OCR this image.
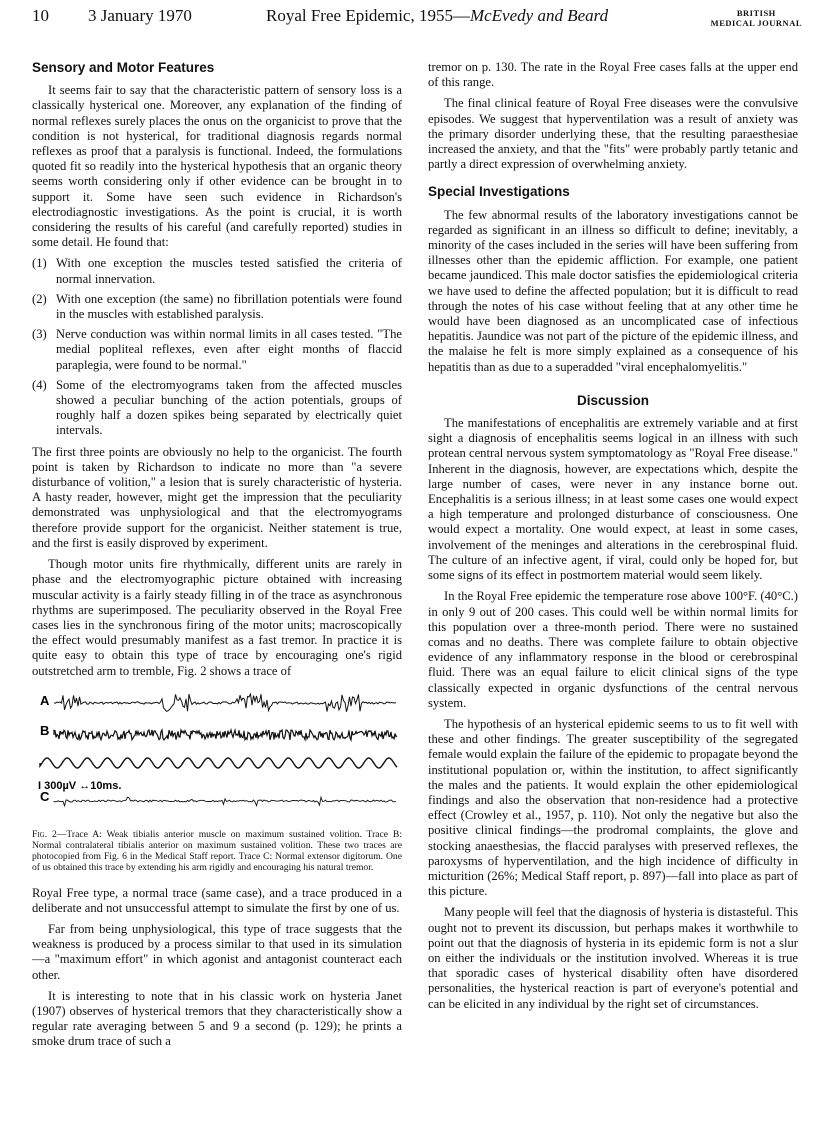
10 3 January 1970	Royal Free Epidemic, 1955—McEvedy and Beard	BRITISH
MEDICAL JOURNAL
Sensory and Motor Features

It seems fair to say that the characteristic pattern of sensory loss is a classically hysterical one. Moreover, any explanation of the finding of normal reflexes surely places the onus on the organicist to prove that the condition is not hysterical, for traditional diagnosis regards normal reflexes as proof that a paralysis is functional. Indeed, the formulations quoted fit so readily into the hysterical hypothesis that an organic theory seems worth considering only if other evidence can be brought in to support it. Some have seen such evidence in Richardson's electrodiagnostic investigations. As the point is crucial, it is worth considering the results of his careful (and carefully reported) studies in some detail. He found that:

(1) With one exception the muscles tested satisfied the criteria of normal innervation.
(2) With one exception (the same) no fibrillation potentials were found in the muscles with established paralysis.
(3) Nerve conduction was within normal limits in all cases tested. "The medial popliteal reflexes, even after eight months of flaccid paraplegia, were found to be normal."
(4) Some of the electromyograms taken from the affected muscles showed a peculiar bunching of the action potentials, groups of roughly half a dozen spikes being separated by electrically quiet intervals.

The first three points are obviously no help to the organicist. The fourth point is taken by Richardson to indicate no more than "a severe disturbance of volition," a lesion that is surely characteristic of hysteria. A hasty reader, however, might get the impression that the peculiarity demonstrated was unphysiological and that the electromyograms therefore provide support for the organicist. Neither statement is true, and the first is easily disproved by experiment.

Though motor units fire rhythmically, different units are rarely in phase and the electromyographic picture obtained with increasing muscular activity is a fairly steady filling in of the trace as asynchronous rhythms are superimposed. The peculiarity observed in the Royal Free cases lies in the synchronous firing of the motor units; macroscopically the effect would presumably manifest as a fast tremor. In practice it is quite easy to obtain this type of trace by encouraging one's rigid outstretched arm to tremble, Fig. 2 shows a trace of

A
B
C
I 300µV ↔10ms.
Fig. 2—Trace A: Weak tibialis anterior muscle on maximum sustained volition. Trace B: Normal contralateral tibialis anterior on maximum sustained volition. These two traces are photocopied from Fig. 6 in the Medical Staff report. Trace C: Normal extensor digitorum. One of us obtained this trace by extending his arm rigidly and encouraging his natural tremor.

Royal Free type, a normal trace (same case), and a trace produced in a deliberate and not unsuccessful attempt to simulate the first by one of us.

Far from being unphysiological, this type of trace suggests that the weakness is produced by a process similar to that used in its simulation—a "maximum effort" in which agonist and antagonist counteract each other.

It is interesting to note that in his classic work on hysteria Janet (1907) observes of hysterical tremors that they characteristically show a regular rate averaging between 5 and 9 a second (p. 129); he prints a smoke drum trace of such a

tremor on p. 130. The rate in the Royal Free cases falls at the upper end of this range.

The final clinical feature of Royal Free diseases were the convulsive episodes. We suggest that hyperventilation was a result of anxiety was the primary disorder underlying these, that the resulting paraesthesiae increased the anxiety, and that the "fits" were probably partly tetanic and partly a direct expression of overwhelming anxiety.

Special Investigations

The few abnormal results of the laboratory investigations cannot be regarded as significant in an illness so difficult to define; inevitably, a minority of the cases included in the series will have been suffering from illnesses other than the epidemic affliction. For example, one patient became jaundiced. This male doctor satisfies the epidemiological criteria we have used to define the affected population; but it is difficult to read through the notes of his case without feeling that at any other time he would have been diagnosed as an uncomplicated case of infectious hepatitis. Jaundice was not part of the picture of the epidemic illness, and the malaise he felt is more simply explained as a consequence of his hepatitis than as due to a superadded "viral encephalomyelitis."

Discussion

The manifestations of encephalitis are extremely variable and at first sight a diagnosis of encephalitis seems logical in an illness with such protean central nervous system symptomatology as "Royal Free disease." Inherent in the diagnosis, however, are expectations which, despite the large number of cases, were never in any instance borne out. Encephalitis is a serious illness; in at least some cases one would expect a high temperature and prolonged disturbance of consciousness. One would expect a mortality. One would expect, at least in some cases, involvement of the meninges and alterations in the cerebrospinal fluid. The culture of an infective agent, if viral, could only be hoped for, but some signs of its effect in postmortem material would seem likely.

In the Royal Free epidemic the temperature rose above 100°F. (40°C.) in only 9 out of 200 cases. This could well be within normal limits for this population over a three-month period. There were no sustained comas and no deaths. There was complete failure to obtain objective evidence of any inflammatory response in the blood or cerebrospinal fluid. There was an equal failure to elicit clinical signs of the type classically expected in organic dysfunctions of the central nervous system.

The hypothesis of an hysterical epidemic seems to us to fit well with these and other findings. The greater susceptibility of the segregated female would explain the failure of the epidemic to propagate beyond the institutional population or, within the institution, to affect significantly the males and the patients. It would explain the other epidemiological findings and also the observation that non-residence had a protective effect (Crowley et al., 1957, p. 110). Not only the negative but also the positive clinical findings—the prodromal complaints, the glove and stocking anaesthesias, the flaccid paralyses with preserved reflexes, the paroxysms of hyperventilation, and the high incidence of difficulty in micturition (26%; Medical Staff report, p. 897)—fall into place as part of this picture.

Many people will feel that the diagnosis of hysteria is distasteful. This ought not to prevent its discussion, but perhaps makes it worthwhile to point out that the diagnosis of hysteria in its epidemic form is not a slur on either the individuals or the institution involved. Whereas it is true that sporadic cases of hysterical disability often have disordered personalities, the hysterical reaction is part of everyone's potential and can be elicited in any individual by the right set of circumstances.
